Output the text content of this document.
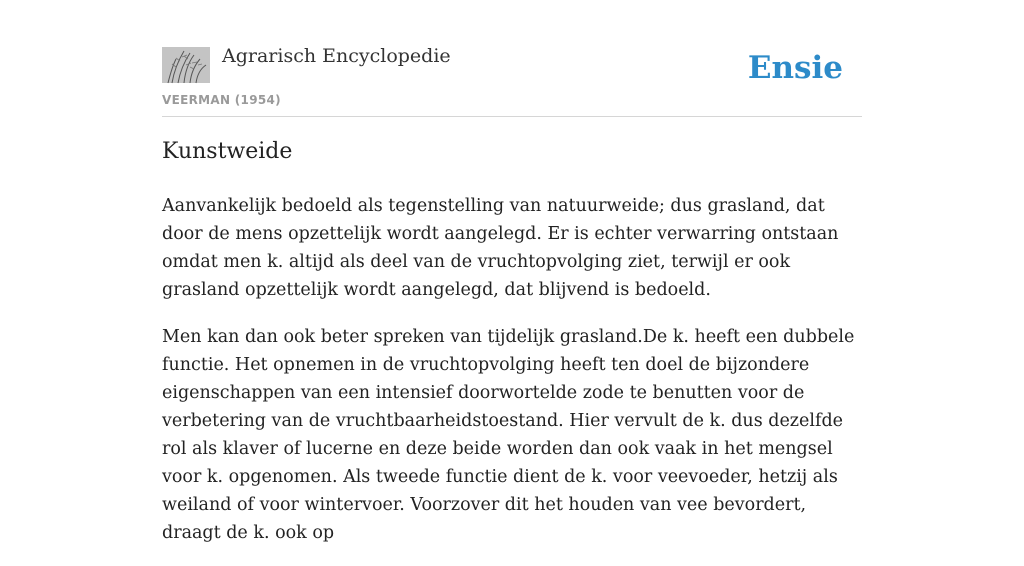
Agrarisch Encyclopedie
VEERMAN (1954)
Ensie
Kunstweide

Aanvankelijk bedoeld als tegenstelling van natuurweide; dus grasland, dat door de mens opzettelijk wordt aangelegd. Er is echter verwarring ontstaan omdat men k. altijd als deel van de vruchtopvolging ziet, terwijl er ook grasland opzettelijk wordt aangelegd, dat blijvend is bedoeld.

Men kan dan ook beter spreken van tijdelijk grasland.De k. heeft een dubbele functie. Het opnemen in de vruchtopvolging heeft ten doel de bijzondere eigenschappen van een intensief doorwortelde zode te benutten voor de verbetering van de vruchtbaarheidstoestand. Hier vervult de k. dus dezelfde rol als klaver of lucerne en deze beide worden dan ook vaak in het mengsel voor k. opgenomen. Als tweede functie dient de k. voor veevoeder, hetzij als weiland of voor wintervoer. Voorzover dit het houden van vee bevordert, draagt de k. ook op
